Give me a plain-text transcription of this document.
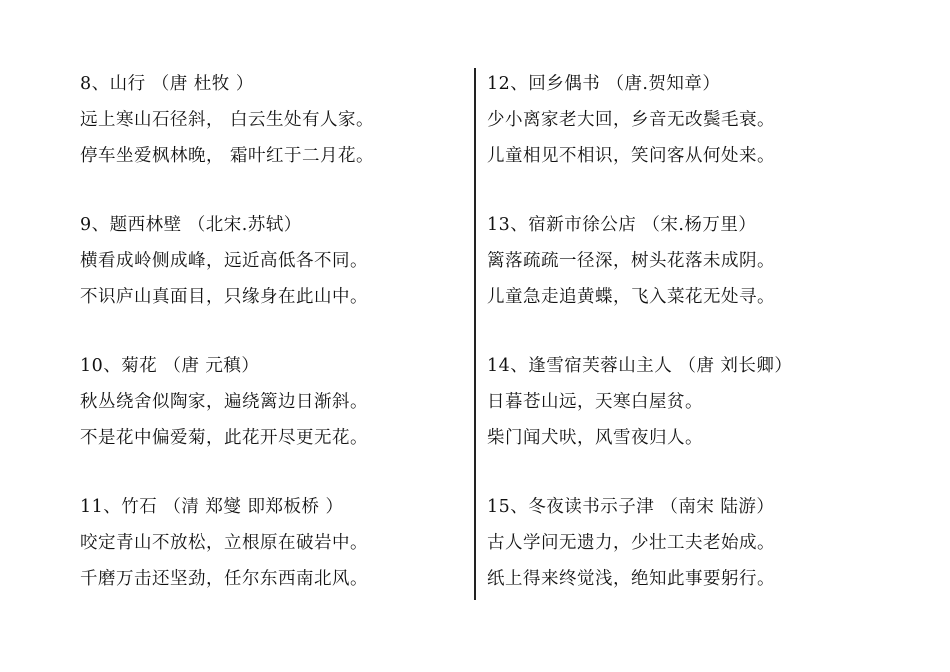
8、山行 （唐 杜牧 ）
远上寒山石径斜， 白云生处有人家。
停车坐爱枫林晚， 霜叶红于二月花。
9、题西林壁 （北宋.苏轼）
横看成岭侧成峰，远近高低各不同。
不识庐山真面目，只缘身在此山中。
10、菊花 （唐 元稹）
秋丛绕舍似陶家，遍绕篱边日渐斜。
不是花中偏爱菊，此花开尽更无花。
11、竹石 （清 郑燮 即郑板桥 ）
咬定青山不放松，立根原在破岩中。
千磨万击还坚劲，任尔东西南北风。
12、回乡偶书 （唐.贺知章）
少小离家老大回，乡音无改鬓毛衰。
儿童相见不相识，笑问客从何处来。
13、宿新市徐公店 （宋.杨万里）
篱落疏疏一径深，树头花落未成阴。
儿童急走追黄蝶，飞入菜花无处寻。
14、逢雪宿芙蓉山主人 （唐 刘长卿）
日暮苍山远，天寒白屋贫。
柴门闻犬吠，风雪夜归人。
15、冬夜读书示子津 （南宋 陆游）
古人学问无遗力，少壮工夫老始成。
纸上得来终觉浅，绝知此事要躬行。
